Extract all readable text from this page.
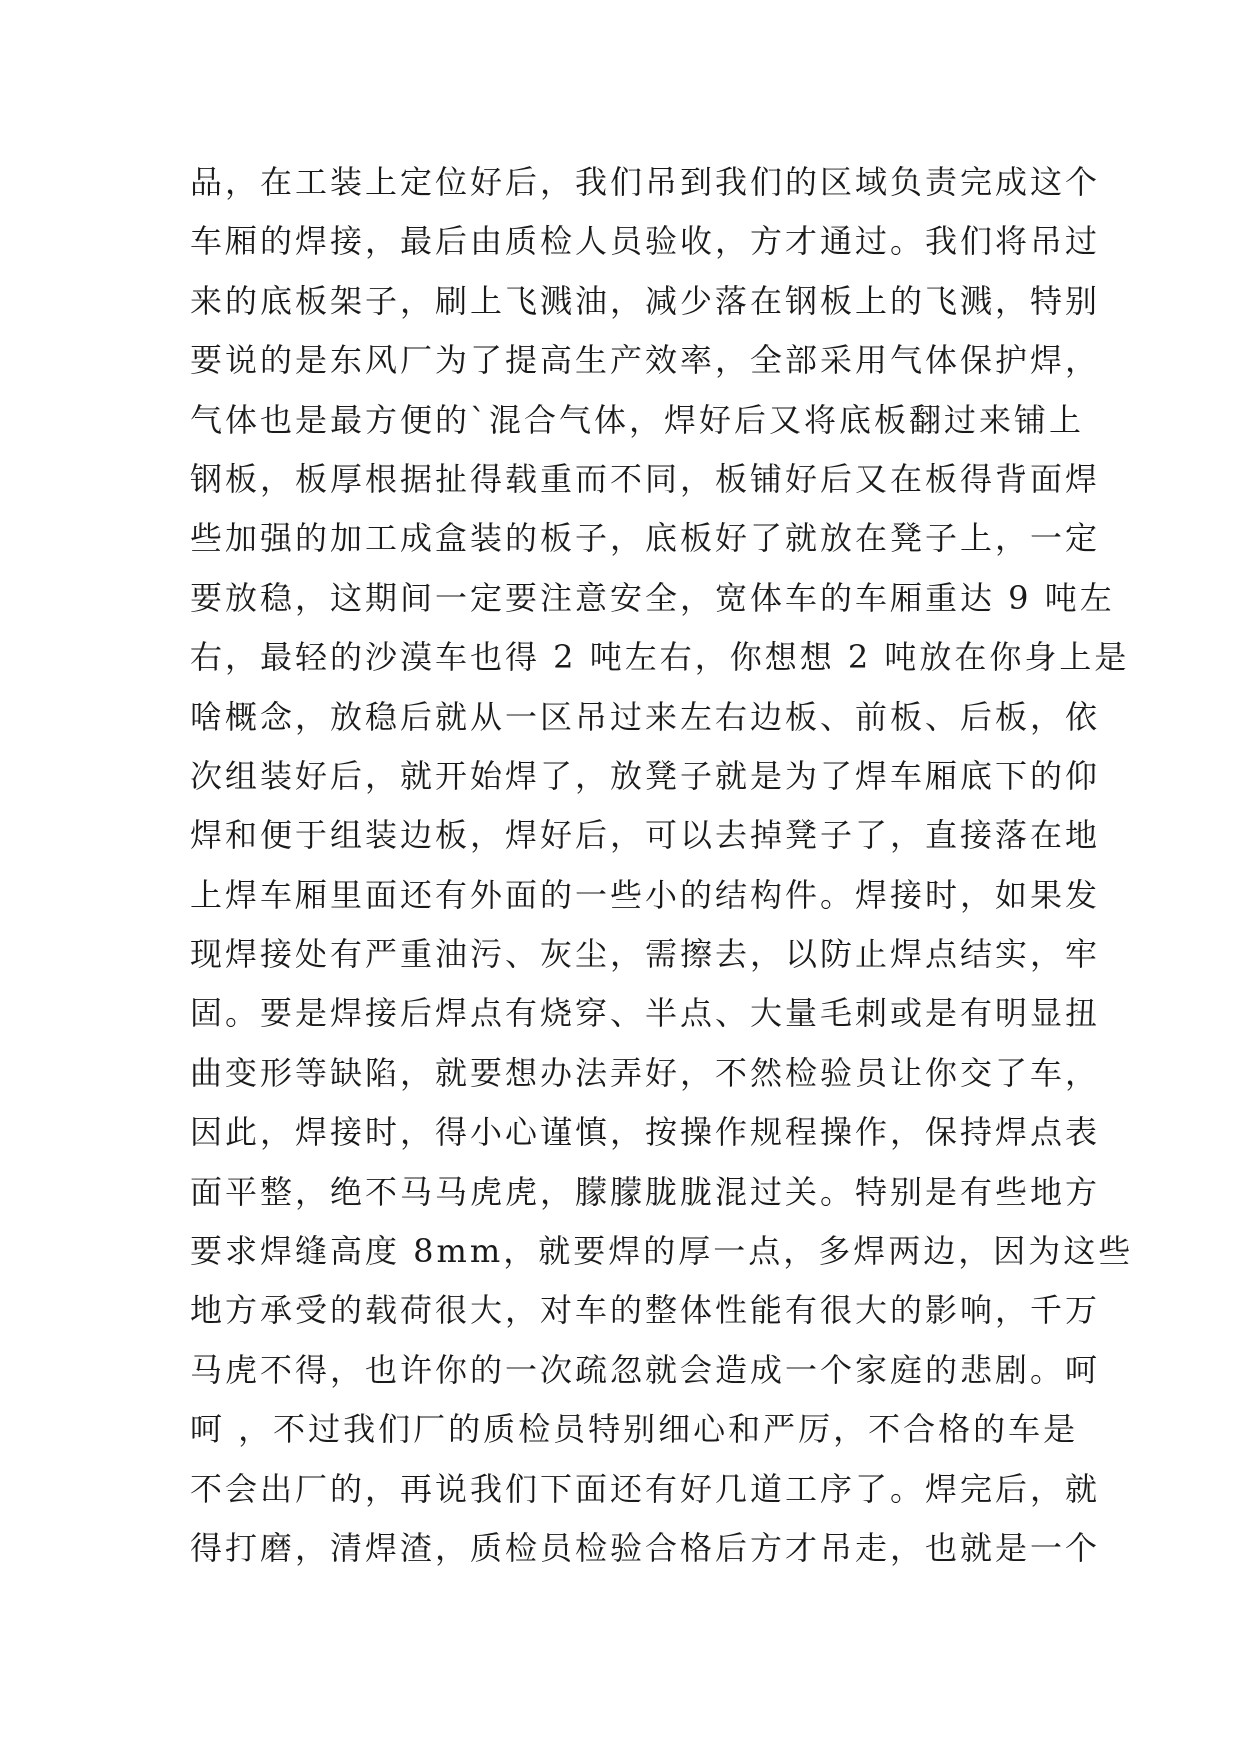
品，在工装上定位好后，我们吊到我们的区域负责完成这个
车厢的焊接，最后由质检人员验收，方才通过。我们将吊过
来的底板架子，刷上飞溅油，减少落在钢板上的飞溅，特别
要说的是东风厂为了提高生产效率，全部采用气体保护焊，
气体也是最方便的`混合气体，焊好后又将底板翻过来铺上
钢板，板厚根据扯得载重而不同，板铺好后又在板得背面焊
些加强的加工成盒装的板子，底板好了就放在凳子上，一定
要放稳，这期间一定要注意安全，宽体车的车厢重达 9 吨左
右，最轻的沙漠车也得 2 吨左右，你想想 2 吨放在你身上是
啥概念，放稳后就从一区吊过来左右边板、前板、后板，依
次组装好后，就开始焊了，放凳子就是为了焊车厢底下的仰
焊和便于组装边板，焊好后，可以去掉凳子了，直接落在地
上焊车厢里面还有外面的一些小的结构件。焊接时，如果发
现焊接处有严重油污、灰尘，需擦去，以防止焊点结实，牢
固。要是焊接后焊点有烧穿、半点、大量毛刺或是有明显扭
曲变形等缺陷，就要想办法弄好，不然检验员让你交了车，
因此，焊接时，得小心谨慎，按操作规程操作，保持焊点表
面平整，绝不马马虎虎，朦朦胧胧混过关。特别是有些地方
要求焊缝高度 8mm，就要焊的厚一点，多焊两边，因为这些
地方承受的载荷很大，对车的整体性能有很大的影响，千万
马虎不得，也许你的一次疏忽就会造成一个家庭的悲剧。呵
呵 ，不过我们厂的质检员特别细心和严厉，不合格的车是
不会出厂的，再说我们下面还有好几道工序了。焊完后，就
得打磨，清焊渣，质检员检验合格后方才吊走，也就是一个
